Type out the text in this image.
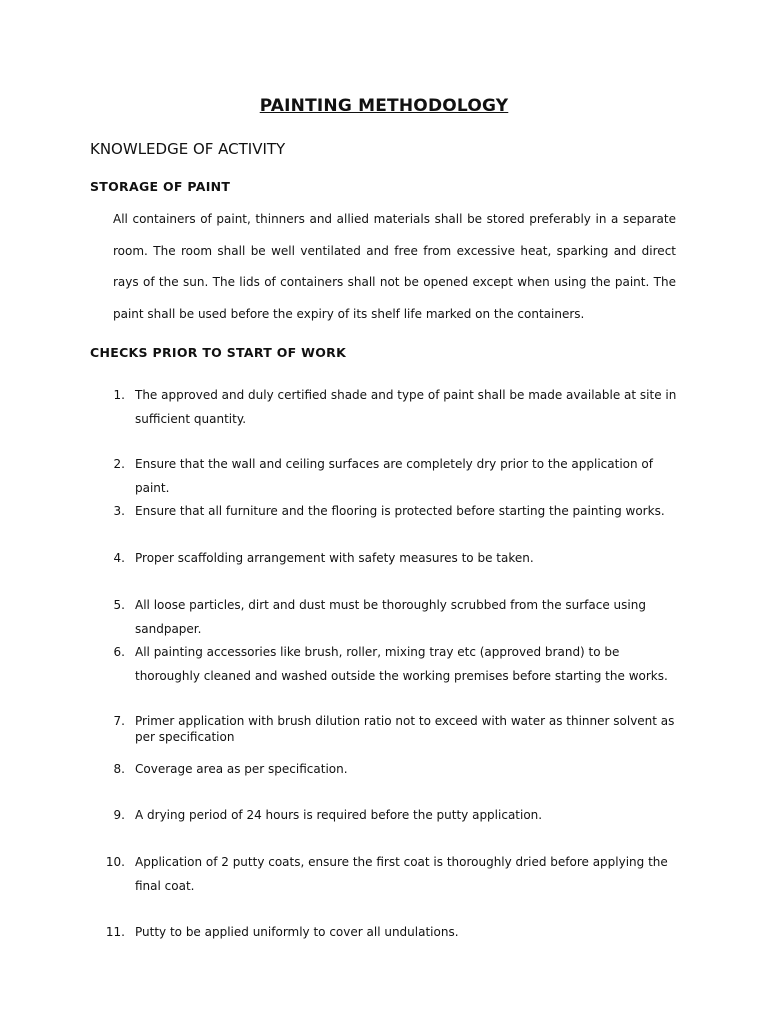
PAINTING METHODOLOGY
KNOWLEDGE OF ACTIVITY
STORAGE OF PAINT
All containers of paint, thinners and allied materials shall be stored preferably in a separate room. The room shall be well ventilated and free from excessive heat, sparking and direct rays of the sun. The lids of containers shall not be opened except when using the paint. The paint shall be used before the expiry of its shelf life marked on the containers.
CHECKS PRIOR TO START OF WORK
1. The approved and duly certified shade and type of paint shall be made available at site in sufficient quantity.
2. Ensure that the wall and ceiling surfaces are completely dry prior to the application of paint.
3. Ensure that all furniture and the flooring is protected before starting the painting works.
4. Proper scaffolding arrangement with safety measures to be taken.
5. All loose particles, dirt and dust must be thoroughly scrubbed from the surface using sandpaper.
6. All painting accessories like brush, roller, mixing tray etc (approved brand) to be thoroughly cleaned and washed outside the working premises before starting the works.
7. Primer application with brush dilution ratio not to exceed with water as thinner solvent as per specification
8. Coverage area as per specification.
9. A drying period of 24 hours is required before the putty application.
10. Application of 2 putty coats, ensure the first coat is thoroughly dried before applying the final coat.
11. Putty to be applied uniformly to cover all undulations.
